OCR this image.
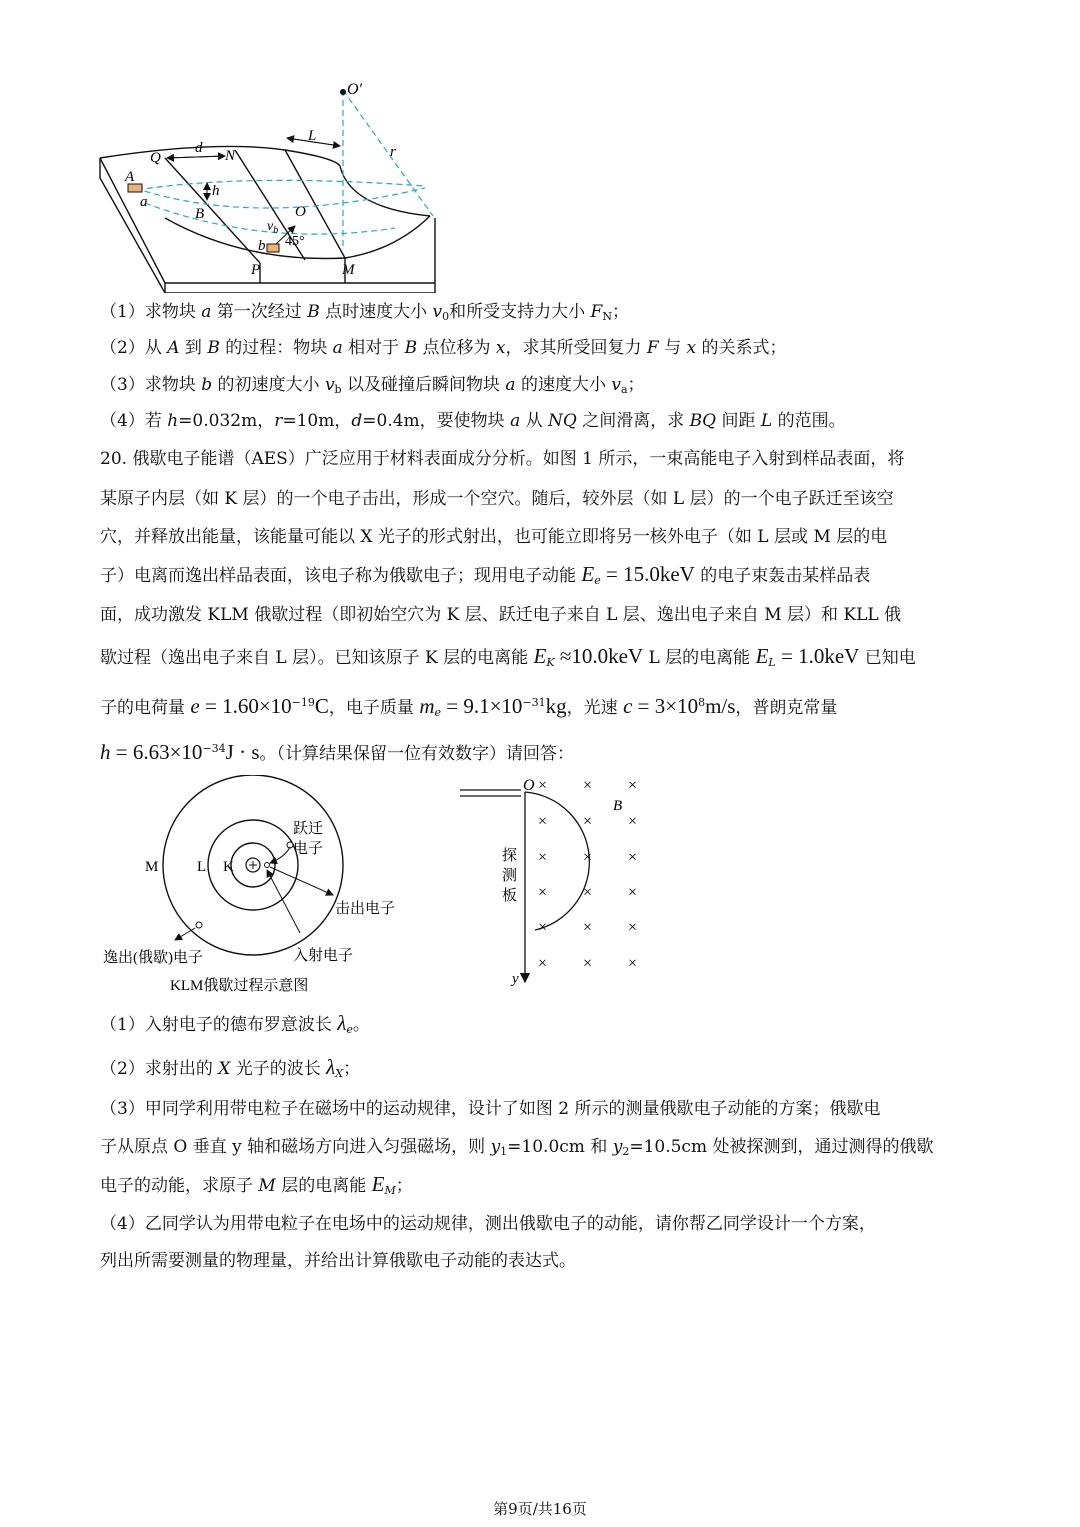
O′
Q
d N
L
r
A
a
h
B	O
$v_b$
45°
b
P	M
（1）求物块 a 第一次经过 B 点时速度大小 $v_0$和所受支持力大小 $F_N$；
（2）从 A 到 B 的过程：物块 a 相对于 B 点位移为 x，求其所受回复力 F 与 x 的关系式；
（3）求物块 b 的初速度大小 $v_b$ 以及碰撞后瞬间物块 a 的速度大小 $v_a$；
（4）若 h=0.032m，r=10m，d=0.4m，要使物块 a 从 NQ 之间滑离，求 BQ 间距 L 的范围。
20. 俄歇电子能谱（AES）广泛应用于材料表面成分分析。如图 1 所示，一束高能电子入射到样品表面，将
某原子内层（如 K 层）的一个电子击出，形成一个空穴。随后，较外层（如 L 层）的一个电子跃迁至该空
穴，并释放出能量，该能量可能以 X 光子的形式射出，也可能立即将另一核外电子（如 L 层或 M 层的电
子）电离而逸出样品表面，该电子称为俄歇电子；现用电子动能 $E_e = 15.0keV$ 的电子束轰击某样品表
面，成功激发 KLM 俄歇过程（即初始空穴为 K 层、跃迁电子来自 L 层、逸出电子来自 M 层）和 KLL 俄
歇过程（逸出电子来自 L 层）。已知该原子 K 层的电离能 $E_K \approx 10.0keV$ L 层的电离能 $E_L = 1.0keV$ 已知电
子的电荷量 $e = 1.60\times 10^{-19}C$，电子质量 $m_e = 9.1\times 10^{-31}kg$，光速 $c = 3\times 10^8m/s$，普朗克常量
$h = 6.63\times 10^{-34}J \cdot s$。（计算结果保留一位有效数字）请回答：
M	L K
跃迁
电子
击出电子
入射电子
逸出(俄歇)电子
KLM俄歇过程示意图
O
B
y
探
测
板
× × ×
× × ×
× × ×
× × ×
× × ×
× × ×
（1）入射电子的德布罗意波长 $\lambda_e$。
（2）求射出的 X 光子的波长 $\lambda_X$；
（3）甲同学利用带电粒子在磁场中的运动规律，设计了如图 2 所示的测量俄歇电子动能的方案；俄歇电
子从原点 O 垂直 y 轴和磁场方向进入匀强磁场，则 $y_1=10.0cm$ 和 $y_2=10.5cm$ 处被探测到，通过测得的俄歇
电子的动能，求原子 M 层的电离能 $E_M$；
（4）乙同学认为用带电粒子在电场中的运动规律，测出俄歇电子的动能，请你帮乙同学设计一个方案，
列出所需要测量的物理量，并给出计算俄歇电子动能的表达式。
第9页/共16页
